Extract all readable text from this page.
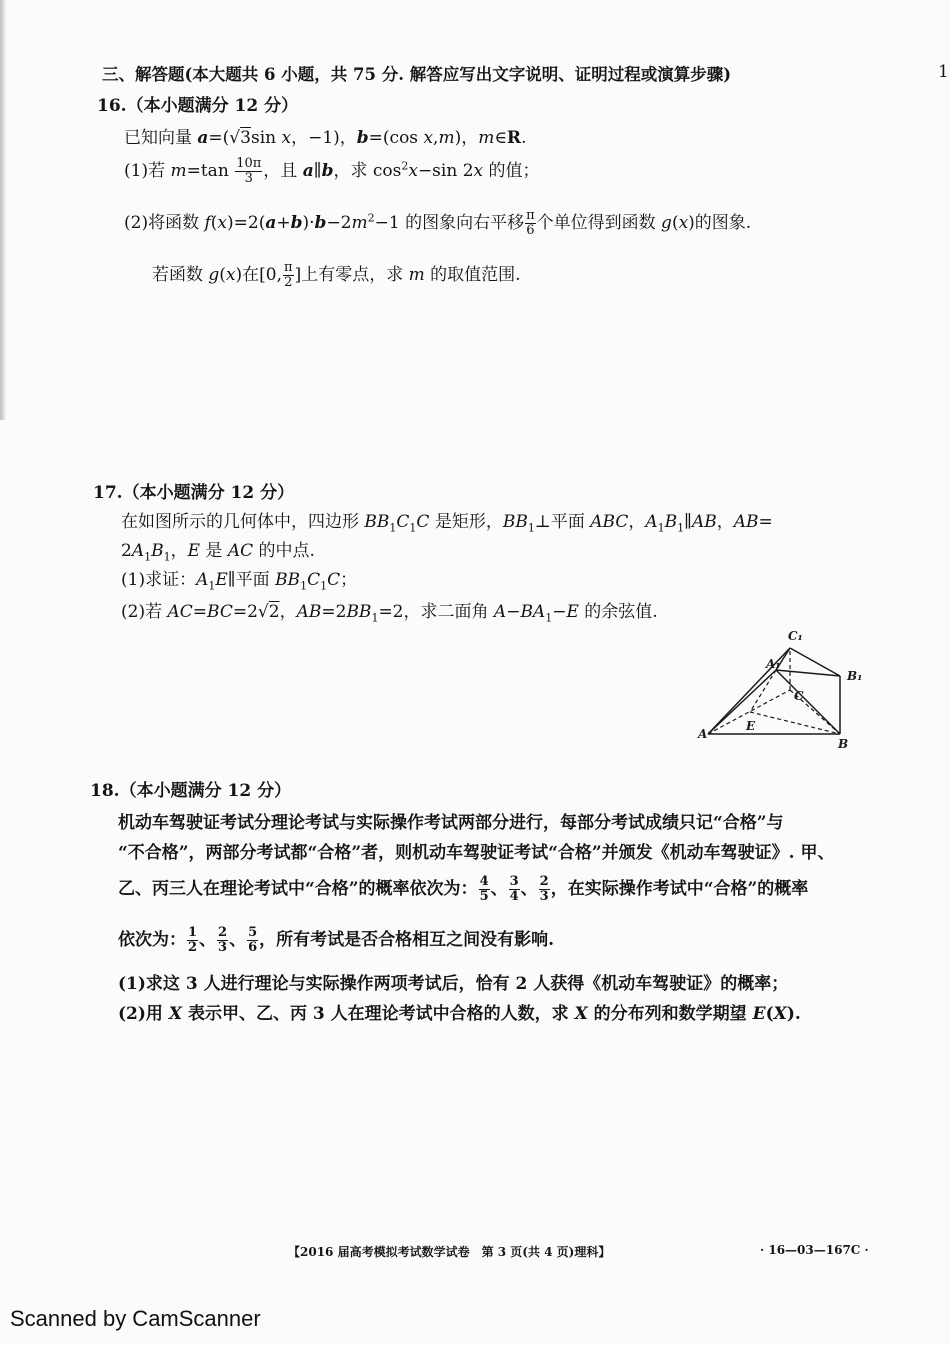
1
三、解答题(本大题共 6 小题，共 75 分. 解答应写出文字说明、证明过程或演算步骤)
16.（本小题满分 12 分）
已知向量 a=(√3sin x，−1)，b=(cos x,m)，m∈R.
(1)若 $m=\tan \frac{10\pi}{3}$ ，且 a∥b，求 $\cos^2x-\sin$ 2x 的值；
(2)将函数 $f(x)=2(a+b)\cdot b-2m^2-1$ 的图象向右平移 $\frac{\pi}{6}$ 个单位得到函数 g(x)的图象.
若函数 g(x)在[0, $\frac{\pi}{2}$ ]上有零点，求 m 的取值范围.
17.（本小题满分 12 分）
在如图所示的几何体中，四边形 $BB_1C_1C$ 是矩形，$BB_1\perp$平面 ABC，$A_1B_1\parallel AB$，AB=
$2A_1B_1$，E 是 AC 的中点.
(1)求证：$A_1E\parallel$平面 $BB_1C_1C$；
(2)若 AC=BC=2√2，$AB=2BB_1=2$，求二面角 $A-BA_1-E$ 的余弦值.
C₁
A₁
B₁
C
A
E
B
18.（本小题满分 12 分）
机动车驾驶证考试分理论考试与实际操作考试两部分进行，每部分考试成绩只记“合格”与
“不合格”，两部分考试都“合格”者，则机动车驾驶证考试“合格”并颁发《机动车驾驶证》. 甲、
乙、丙三人在理论考试中“合格”的概率依次为： $\frac{4}{5}$ 、 $\frac{3}{4}$ 、 $\frac{2}{3}$ ，在实际操作考试中“合格”的概率
依次为： $\frac{1}{2}$ 、 $\frac{2}{3}$ 、 $\frac{5}{6}$ ，所有考试是否合格相互之间没有影响.
(1)求这 3 人进行理论与实际操作两项考试后，恰有 2 人获得《机动车驾驶证》的概率；
(2)用 X 表示甲、乙、丙 3 人在理论考试中合格的人数，求 X 的分布列和数学期望 E(X).
【2016 届高考模拟考试数学试卷　第 3 页(共 4 页)理科】	· 16—03—167C ·
Scanned by CamScanner
